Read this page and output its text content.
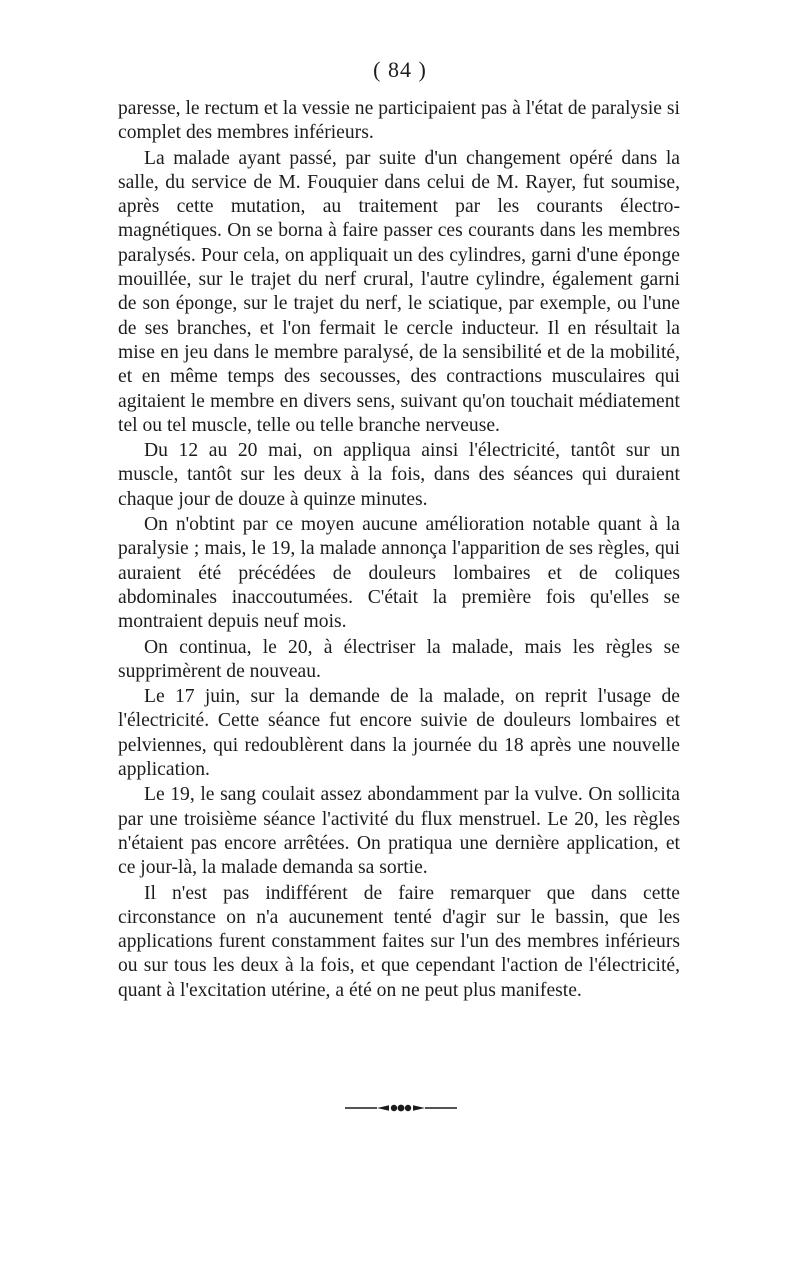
( 84 )

paresse, le rectum et la vessie ne participaient pas à l'état de paralysie si complet des membres inférieurs.

La malade ayant passé, par suite d'un changement opéré dans la salle, du service de M. Fouquier dans celui de M. Rayer, fut soumise, après cette mutation, au traitement par les courants électro-magnétiques. On se borna à faire passer ces courants dans les membres paralysés. Pour cela, on appliquait un des cylindres, garni d'une éponge mouillée, sur le trajet du nerf crural, l'autre cylindre, également garni de son éponge, sur le trajet du nerf, le sciatique, par exemple, ou l'une de ses branches, et l'on fermait le cercle inducteur. Il en résultait la mise en jeu dans le membre paralysé, de la sensibilité et de la mobilité, et en même temps des secousses, des contractions musculaires qui agitaient le membre en divers sens, suivant qu'on touchait médiatement tel ou tel muscle, telle ou telle branche nerveuse.

Du 12 au 20 mai, on appliqua ainsi l'électricité, tantôt sur un muscle, tantôt sur les deux à la fois, dans des séances qui duraient chaque jour de douze à quinze minutes.

On n'obtint par ce moyen aucune amélioration notable quant à la paralysie ; mais, le 19, la malade annonça l'apparition de ses règles, qui auraient été précédées de douleurs lombaires et de coliques abdominales inaccoutumées. C'était la première fois qu'elles se montraient depuis neuf mois.

On continua, le 20, à électriser la malade, mais les règles se supprimèrent de nouveau.

Le 17 juin, sur la demande de la malade, on reprit l'usage de l'électricité. Cette séance fut encore suivie de douleurs lombaires et pelviennes, qui redoublèrent dans la journée du 18 après une nouvelle application.

Le 19, le sang coulait assez abondamment par la vulve. On sollicita par une troisième séance l'activité du flux menstruel. Le 20, les règles n'étaient pas encore arrêtées. On pratiqua une dernière application, et ce jour-là, la malade demanda sa sortie.

Il n'est pas indifférent de faire remarquer que dans cette circonstance on n'a aucunement tenté d'agir sur le bassin, que les applications furent constamment faites sur l'un des membres inférieurs ou sur tous les deux à la fois, et que cependant l'action de l'électricité, quant à l'excitation utérine, a été on ne peut plus manifeste.
